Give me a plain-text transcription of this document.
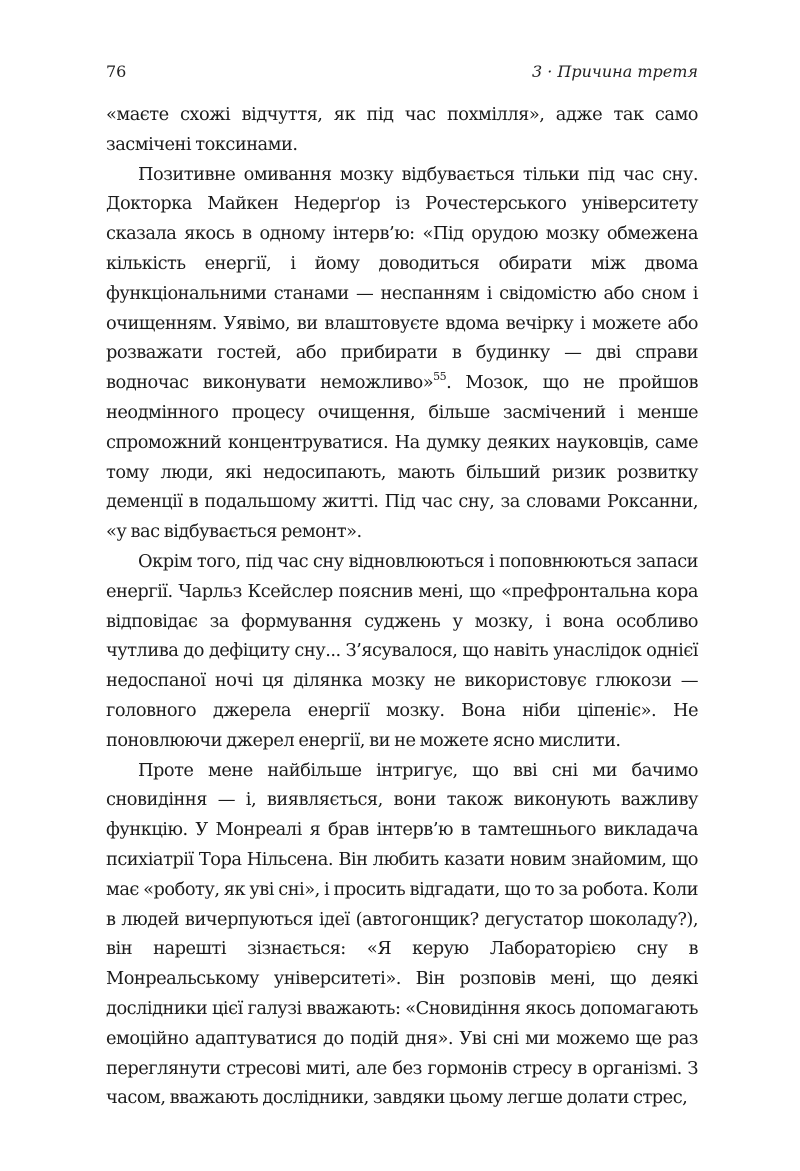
76	3 · Причина третя

«маєте схожі відчуття, як під час похмілля», адже так само засмічені токсинами.

Позитивне омивання мозку відбувається тільки під час сну. Докторка Майкен Недерґор із Рочестерського університету сказала якось в одному інтерв’ю: «Під орудою мозку обмежена кількість енергії, і йому доводиться обирати між двома функціональними станами — неспанням і свідомістю або сном і очищенням. Уявімо, ви влаштовуєте вдома вечірку і можете або розважати гостей, або прибирати в будинку — дві справи водночас виконувати неможливо»$^{55}$. Мозок, що не пройшов неодмінного процесу очищення, більше засмічений і менше спроможний концентруватися. На думку деяких науковців, саме тому люди, які недосипають, мають більший ризик розвитку деменції в подальшому житті. Під час сну, за словами Роксанни, «у вас відбувається ремонт».

Окрім того, під час сну відновлюються і поповнюються запаси енергії. Чарльз Ксейслер пояснив мені, що «префронтальна кора відповідає за формування суджень у мозку, і вона особливо чутлива до дефіциту сну... З’ясувалося, що навіть унаслідок однієї недоспаної ночі ця ділянка мозку не використовує глюкози — головного джерела енергії мозку. Вона ніби ціпеніє». Не поновлюючи джерел енергії, ви не можете ясно мислити.

Проте мене найбільше інтригує, що вві сні ми бачимо сновидіння — і, виявляється, вони також виконують важливу функцію. У Монреалі я брав інтерв’ю в тамтешнього викладача психіатрії Тора Нільсена. Він любить казати новим знайомим, що має «роботу, як уві сні», і просить відгадати, що то за робота. Коли в людей вичерпуються ідеї (автогонщик? дегустатор шоколаду?), він нарешті зізнається: «Я керую Лабораторією сну в Монреальському університеті». Він розповів мені, що деякі дослідники цієї галузі вважають: «Сновидіння якось допомагають емоційно адаптуватися до подій дня». Уві сні ми можемо ще раз переглянути стресові миті, але без гормонів стресу в організмі. З часом, вважають дослідники, завдяки цьому легше долати стрес,
